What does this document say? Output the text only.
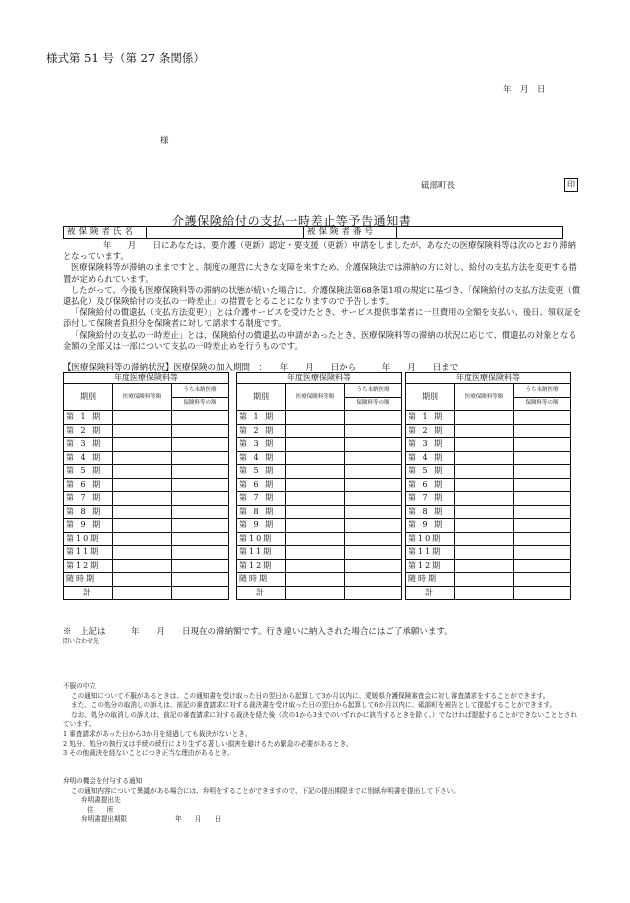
様式第 51 号（第 27 条関係）
年　月　日
様
砥部町長	印
介護保険給付の支払一時差止等予告通知書
被保険者氏名		被保険者番号	

年　　月　　日にあなたは、要介護（更新）認定・要支援（更新）申請をしましたが、あなたの医療保険料等は次のとおり滞納となっています。

医療保険料等が滞納のままですと、制度の運営に大きな支障を来すため、介護保険法では滞納の方に対し、給付の支払方法を変更する措置が定められています。

したがって、今後も医療保険料等の滞納の状態が続いた場合に、介護保険法第68条第1項の規定に基づき、「保険給付の支払方法変更（償還払化）及び保険給付の支払の一時差止」の措置をとることになりますので予告します。

「保険給付の償還払（支払方法変更）」とは介護サービスを受けたとき、サービス提供事業者に一旦費用の全額を支払い、後日、領収証を添付して保険者負担分を保険者に対して請求する制度です。

「保険給付の支払の一時差止」とは、保険給付の償還払の申請があったとき、医療保険料等の滞納の状況に応じて、償還払の対象となる金額の全部又は一部について支払の一時差止めを行うものです。

【医療保険料等の滞納状況】医療保険の加入期間　：　　年　　月　　日から　　　年　　月　　日まで
年度医療保険料等		
期別	医療保険料等額	うち未納医療
		保険料等の額
第 1 期		
第 2 期		
第 3 期		
第 4 期		
第 5 期		
第 6 期		
第 7 期		
第 8 期		
第 9 期		
第10期		
第11期		
第12期		
随時期		
計		
年度医療保険料等		
期別	医療保険料等額	うち未納医療
		保険料等の額
第 1 期		
第 2 期		
第 3 期		
第 4 期		
第 5 期		
第 6 期		
第 7 期		
第 8 期		
第 9 期		
第10期		
第11期		
第12期		
随時期		
計		
年度医療保険料等		
期別	医療保険料等額	うち未納医療
		保険料等の額
第 1 期		
第 2 期		
第 3 期		
第 4 期		
第 5 期		
第 6 期		
第 7 期		
第 8 期		
第 9 期		
第10期		
第11期		
第12期		
随時期		
計		
※　上記は　　　年　　月　　日現在の滞納額です。行き違いに納入された場合にはご了承願います。
問い合わせ先

不服の申立

この通知について不服があるときは、この通知書を受け取った日の翌日から起算して3か月以内に、愛媛県介護保険審査会に対し審査請求をすることができます。

また、この処分の取消しの訴えは、前記の審査請求に対する裁決書を受け取った日の翌日から起算して6か月以内に、砥部町を被告として提起することができます。

なお、処分の取消しの訴えは、前記の審査請求に対する裁決を経た後（次の1から3までのいずれかに該当するときを除く。）でなければ提起することができないこととされています。

1 審査請求があった日から3か月を経過しても裁決がないとき。

2 処分、処分の執行又は手続の続行により生ずる著しい損害を避けるため緊急の必要があるとき。

3 その他裁決を経ないことにつき正当な理由があるとき。

弁明の機会を付与する通知

この通知内容について異議がある場合には、弁明をすることができますので、下記の提出期限までに別紙弁明書を提出して下さい。

弁明書提出先

住　　所

弁明書提出期限	年　　月　　日
